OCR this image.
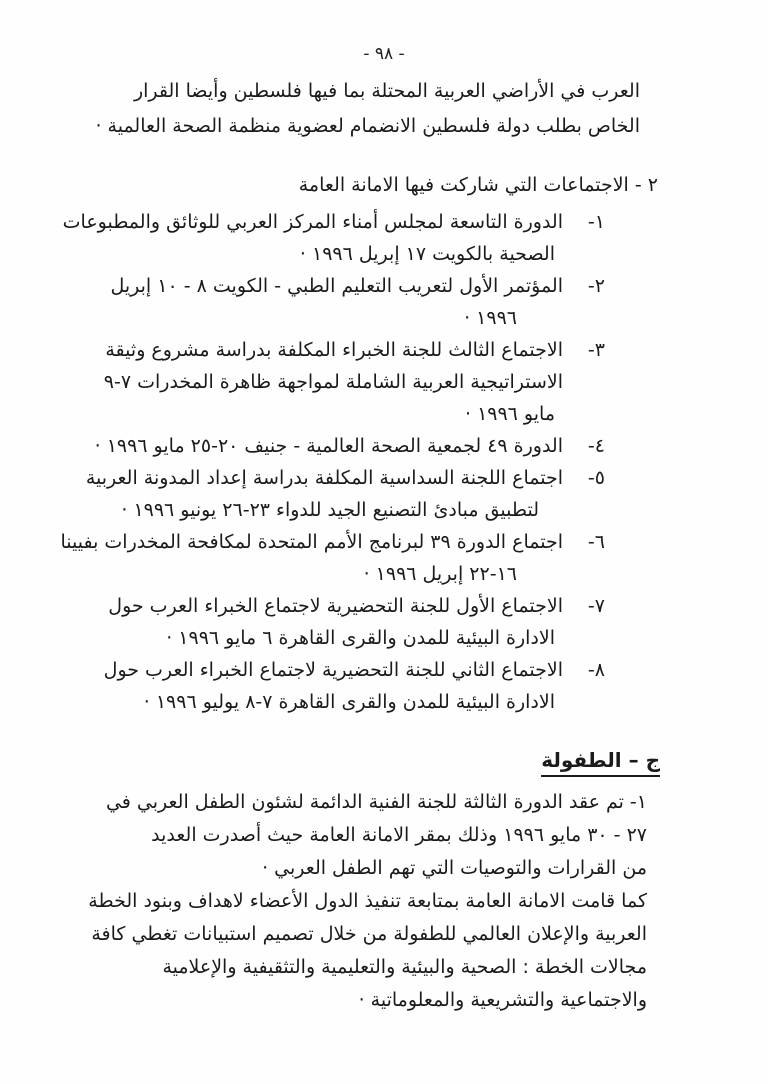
- ٩٨ -
العرب في الأراضي العربية المحتلة بما فيها فلسطين وأيضا القرار
الخاص بطلب دولة فلسطين الانضمام لعضوية منظمة الصحة العالمية ·
٢ - الاجتماعات التي شاركت فيها الامانة العامة
١-
الدورة التاسعة لمجلس أمناء المركز العربي للوثائق والمطبوعات
الصحية بالكويت ١٧ إبريل ١٩٩٦ ·
٢-
المؤتمر الأول لتعريب التعليم الطبي - الكويت ٨ - ١٠ إبريل
١٩٩٦ ·
٣-
الاجتماع الثالث للجنة الخبراء المكلفة بدراسة مشروع وثيقة
الاستراتيجية العربية الشاملة لمواجهة ظاهرة المخدرات ٧-٩
مايو ١٩٩٦ ·
٤-
الدورة ٤٩ لجمعية الصحة العالمية - جنيف ٢٠-٢٥ مايو ١٩٩٦ ·
٥-
اجتماع اللجنة السداسية المكلفة بدراسة إعداد المدونة العربية
لتطبيق مبادئ التصنيع الجيد للدواء ٢٣-٢٦ يونيو ١٩٩٦ ·
٦-
اجتماع الدورة ٣٩ لبرنامج الأمم المتحدة لمكافحة المخدرات بفيينا
١٦-٢٢ إبريل ١٩٩٦ ·
٧-
الاجتماع الأول للجنة التحضيرية لاجتماع الخبراء العرب حول
الادارة البيئية للمدن والقرى القاهرة ٦ مايو ١٩٩٦ ·
٨-
الاجتماع الثاني للجنة التحضيرية لاجتماع الخبراء العرب حول
الادارة البيئية للمدن والقرى القاهرة ٧-٨ يوليو ١٩٩٦ ·
ج – الطفولة
١- تم عقد الدورة الثالثة للجنة الفنية الدائمة لشئون الطفل العربي في
٢٧ - ٣٠ مايو ١٩٩٦ وذلك بمقر الامانة العامة حيث أصدرت العديد
من القرارات والتوصيات التي تهم الطفل العربي ·
كما قامت الامانة العامة بمتابعة تنفيذ الدول الأعضاء لاهداف وبنود الخطة
العربية والإعلان العالمي للطفولة من خلال تصميم استبيانات تغطي كافة
مجالات الخطة : الصحية والبيئية والتعليمية والتثقيفية والإعلامية
والاجتماعية والتشريعية والمعلوماتية ·
